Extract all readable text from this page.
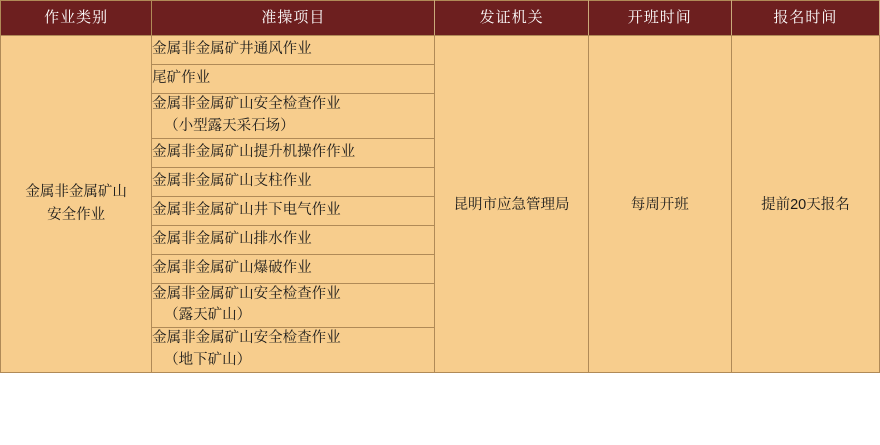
作业类别	准操项目	发证机关	开班时间	报名时间
金属非金属矿山
安全作业	金属非金属矿井通风作业	昆明市应急管理局	每周开班	提前20天报名
	尾矿作业			
	金属非金属矿山安全检查作业
（小型露天采石场）			

	金属非金属矿山提升机操作作业			
	金属非金属矿山支柱作业			
	金属非金属矿山井下电气作业			
	金属非金属矿山排水作业			
	金属非金属矿山爆破作业			
	金属非金属矿山安全检查作业
（露天矿山）			

	金属非金属矿山安全检查作业
（地下矿山）			
